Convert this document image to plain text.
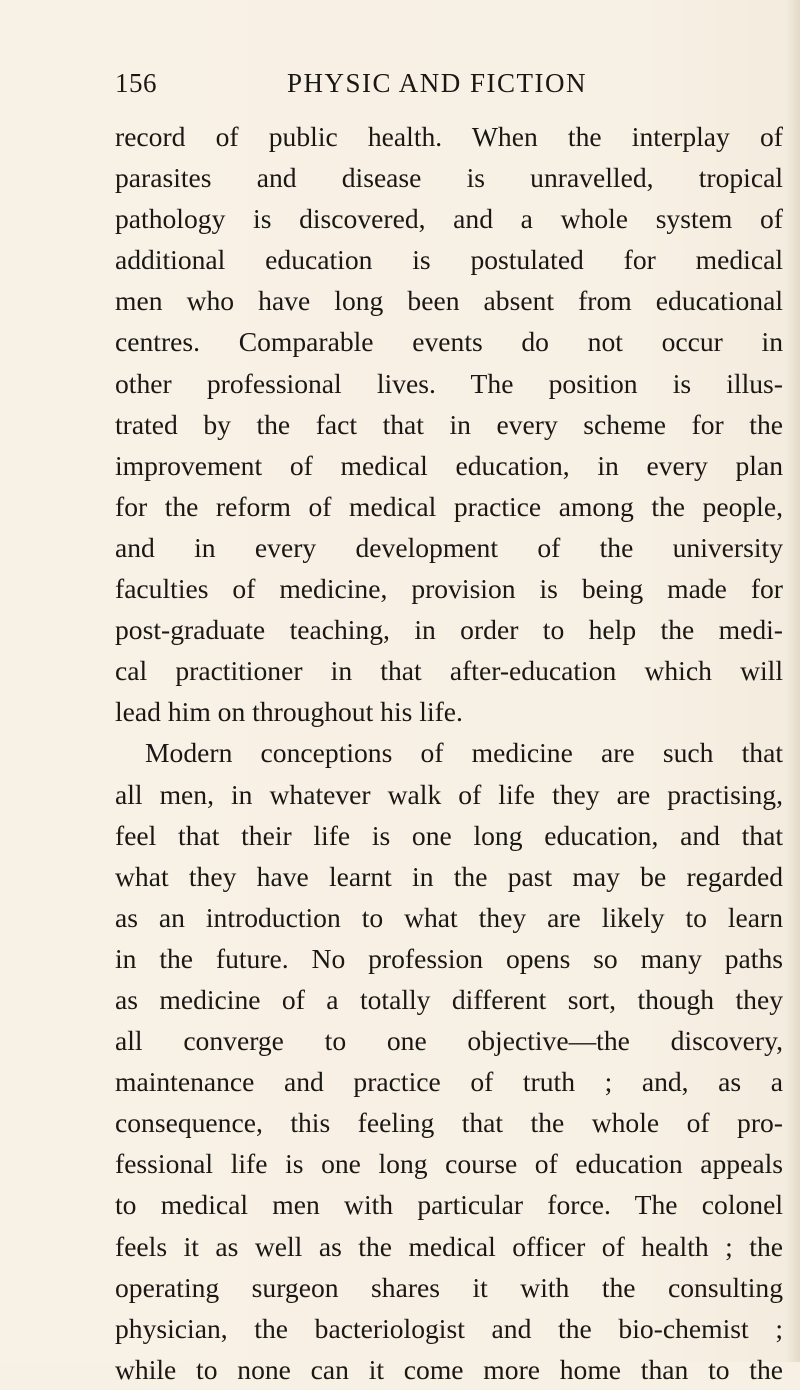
156	PHYSIC AND FICTION
record of public health. When the interplay of
parasites and disease is unravelled, tropical
pathology is discovered, and a whole system of
additional education is postulated for medical
men who have long been absent from educational
centres. Comparable events do not occur in
other professional lives. The position is illus-
trated by the fact that in every scheme for the
improvement of medical education, in every plan
for the reform of medical practice among the people,
and in every development of the university
faculties of medicine, provision is being made for
post-graduate teaching, in order to help the medi-
cal practitioner in that after-education which will
lead him on throughout his life.
Modern conceptions of medicine are such that
all men, in whatever walk of life they are practising,
feel that their life is one long education, and that
what they have learnt in the past may be regarded
as an introduction to what they are likely to learn
in the future. No profession opens so many paths
as medicine of a totally different sort, though they
all converge to one objective—the discovery,
maintenance and practice of truth ; and, as a
consequence, this feeling that the whole of pro-
fessional life is one long course of education appeals
to medical men with particular force. The colonel
feels it as well as the medical officer of health ; the
operating surgeon shares it with the consulting
physician, the bacteriologist and the bio-chemist ;
while to none can it come more home than to the
